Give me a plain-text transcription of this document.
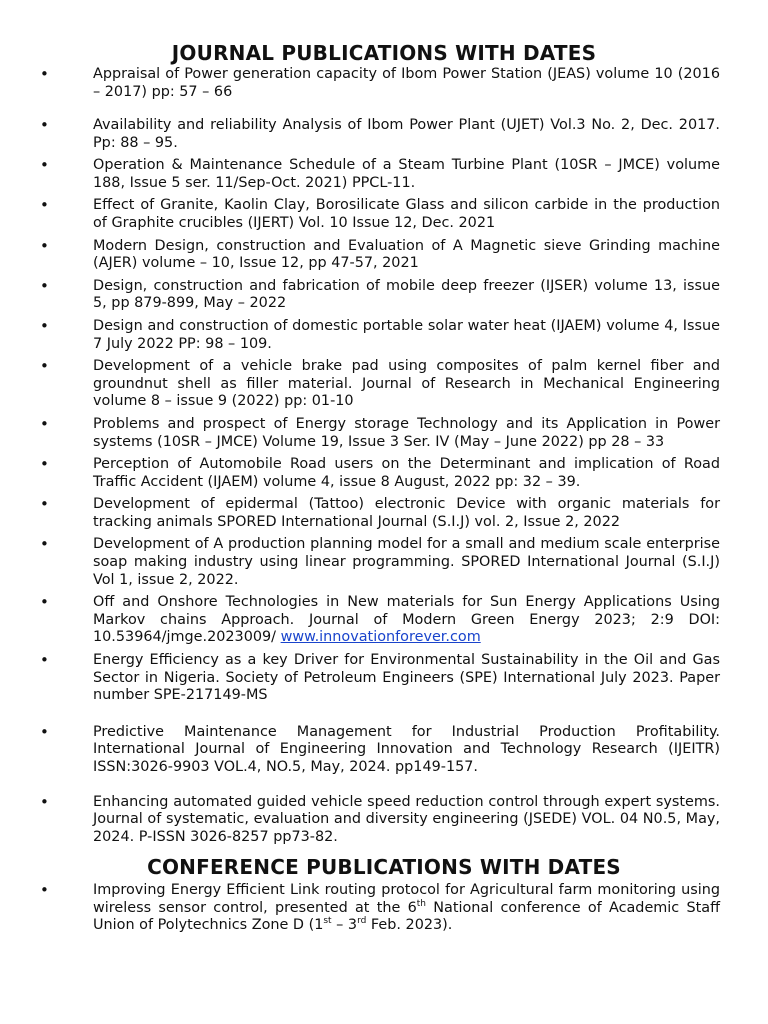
JOURNAL PUBLICATIONS WITH DATES
•	Appraisal of Power generation capacity of Ibom Power Station (JEAS) volume 10 (2016 – 2017) pp: 57 – 66
•	Availability and reliability Analysis of Ibom Power Plant (UJET) Vol.3 No. 2, Dec. 2017. Pp: 88 – 95.
•	Operation & Maintenance Schedule of a Steam Turbine Plant (10SR – JMCE) volume 188, Issue 5 ser. 11/Sep-Oct. 2021) PPCL-11.
•	Effect of Granite, Kaolin Clay, Borosilicate Glass and silicon carbide in the production of Graphite crucibles (IJERT) Vol. 10 Issue 12, Dec. 2021
•	Modern Design, construction and Evaluation of A Magnetic sieve Grinding machine (AJER) volume – 10, Issue 12, pp 47-57, 2021
•	Design, construction and fabrication of mobile deep freezer (IJSER) volume 13, issue 5, pp 879-899, May – 2022
•	Design and construction of domestic portable solar water heat (IJAEM) volume 4, Issue 7 July 2022 PP: 98 – 109.
•	Development of a vehicle brake pad using composites of palm kernel fiber and groundnut shell as filler material. Journal of Research in Mechanical Engineering volume 8 – issue 9 (2022) pp: 01-10
•	Problems and prospect of Energy storage Technology and its Application in Power systems (10SR – JMCE) Volume 19, Issue 3 Ser. IV (May – June 2022) pp 28 – 33
•	Perception of Automobile Road users on the Determinant and implication of Road Traffic Accident (IJAEM) volume 4, issue 8 August, 2022 pp: 32 – 39.
•	Development of epidermal (Tattoo) electronic Device with organic materials for tracking animals SPORED International Journal (S.I.J) vol. 2, Issue 2, 2022
•	Development of A production planning model for a small and medium scale enterprise soap making industry using linear programming. SPORED International Journal (S.I.J) Vol 1, issue 2, 2022.
•	Off and Onshore Technologies in New materials for Sun Energy Applications Using Markov chains Approach. Journal of Modern Green Energy 2023; 2:9 DOI: 10.53964/jmge.2023009/ www.innovationforever.com
•	Energy Efficiency as a key Driver for Environmental Sustainability in the Oil and Gas Sector in Nigeria. Society of Petroleum Engineers (SPE) International July 2023. Paper number SPE-217149-MS
•	Predictive Maintenance Management for Industrial Production Profitability. International Journal of Engineering Innovation and Technology Research (IJEITR) ISSN:3026-9903 VOL.4, NO.5, May, 2024. pp149-157.
•	Enhancing automated guided vehicle speed reduction control through expert systems. Journal of systematic, evaluation and diversity engineering (JSEDE) VOL. 04 N0.5, May, 2024. P-ISSN 3026-8257 pp73-82.
CONFERENCE PUBLICATIONS WITH DATES
•	Improving Energy Efficient Link routing protocol for Agricultural farm monitoring using wireless sensor control, presented at the 6th National conference of Academic Staff Union of Polytechnics Zone D (1st – 3rd Feb. 2023).
